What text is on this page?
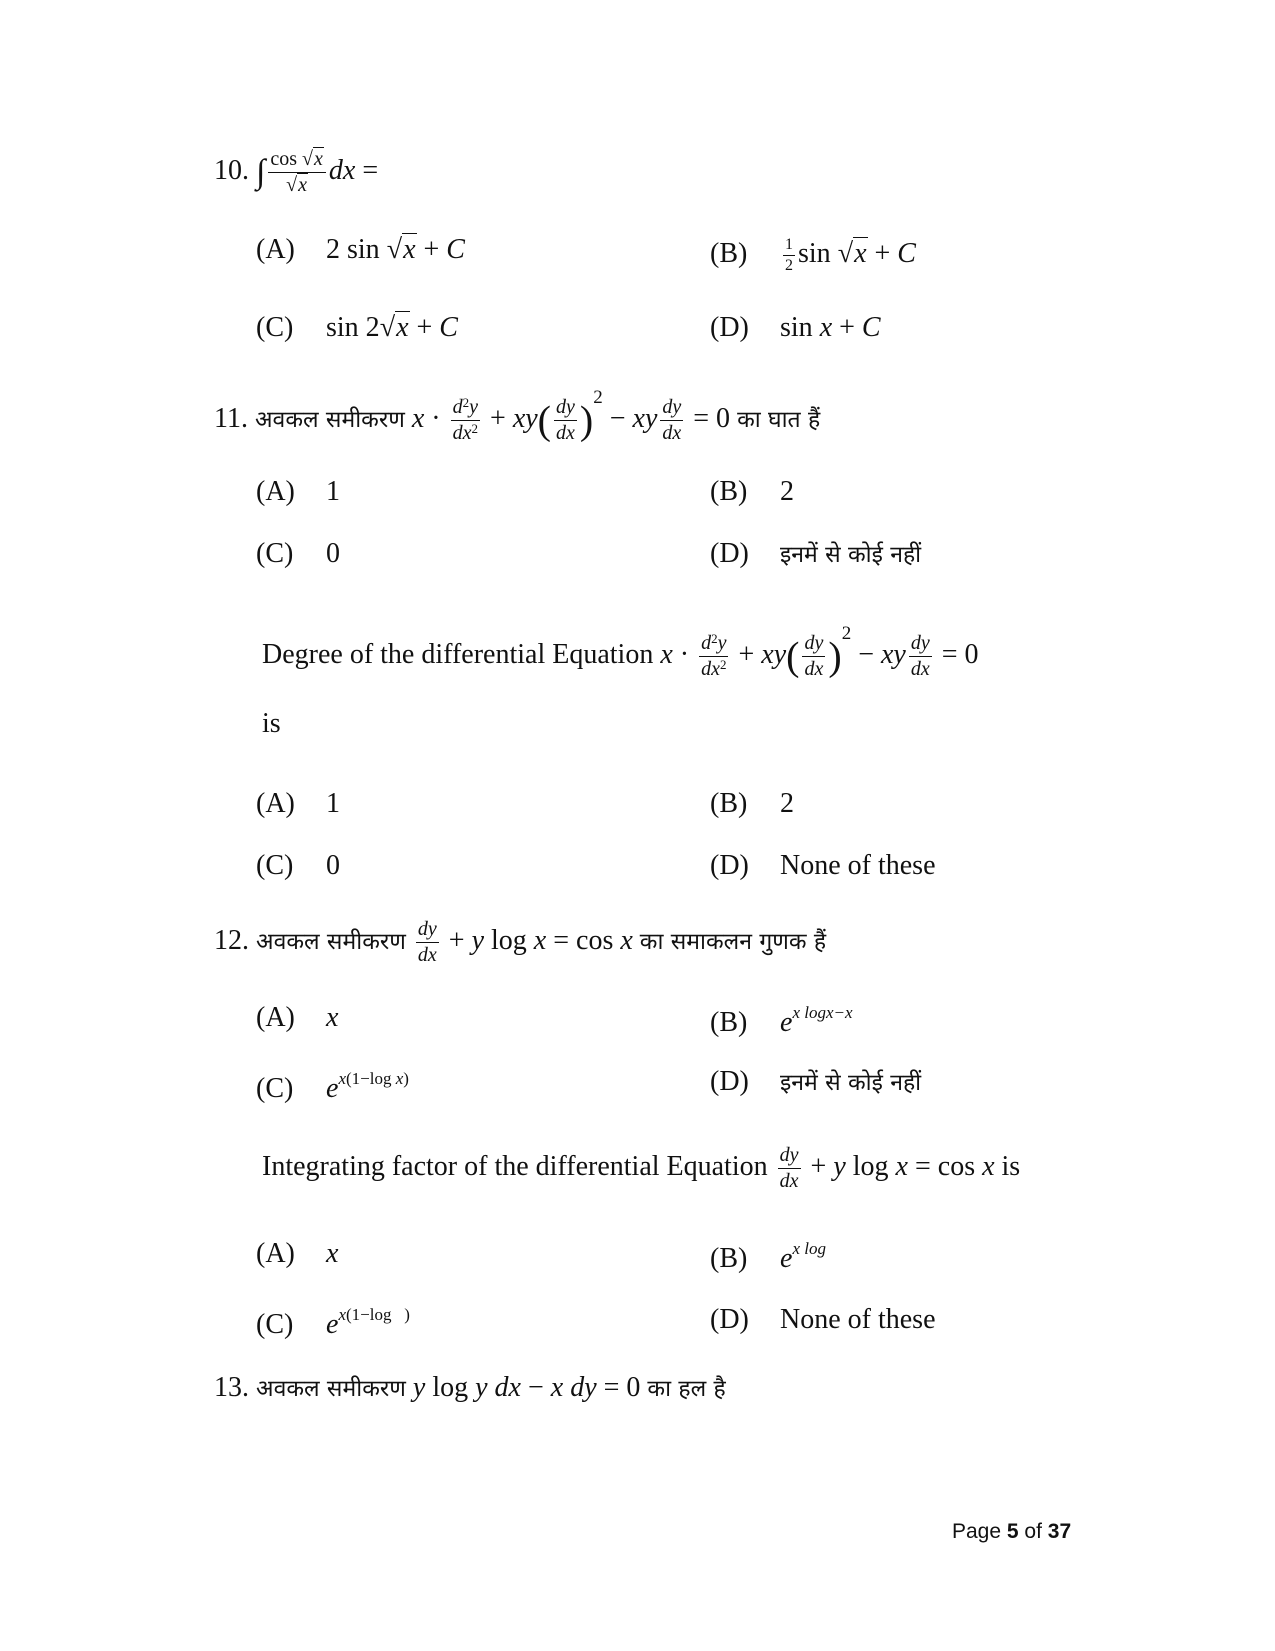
10. ∫ $\frac{\cos √x}{√x}$ dx =
(A) 2 sin √x + C	$(B) \frac{1}{2}$ sin √x + C
(C) sin 2√x + C	(D) sin x + C
11. अवकल समीकरण $x \cdot \frac{d^2y}{dx^2} + xy( \frac{dy}{dx} )^2$ − xy $\frac{dy}{dx} = 0$ का घात हैं
(A) 1	(B) 2
(C) 0	(D) इनमें से कोई नहीं
Degree of the differential Equation $x \cdot \frac{d^2y}{dx^2} + xy( \frac{dy}{dx} )^2$ − xy $\frac{dy}{dx} = 0$
is
(A) 1	(B) 2
(C) 0	(D) None of these
12. अवकल समीकरण $\frac{dy}{dx} + y$ log x = cos x का समाकलन गुणक हैं
(A) x	(B) $e^{x logx-x}$
(C) $e^{x(1-log x)}$	(D) इनमें से कोई नहीं
Integrating factor of the differential Equation $\frac{dy}{dx} + y$ log x = cos x is
(A) x	(B) $e^{x log}$
(C) $e^{x(1-log )}$	(D) None of these
13. अवकल समीकरण y log y dx − x dy = 0 का हल है
Page 5 of 37
